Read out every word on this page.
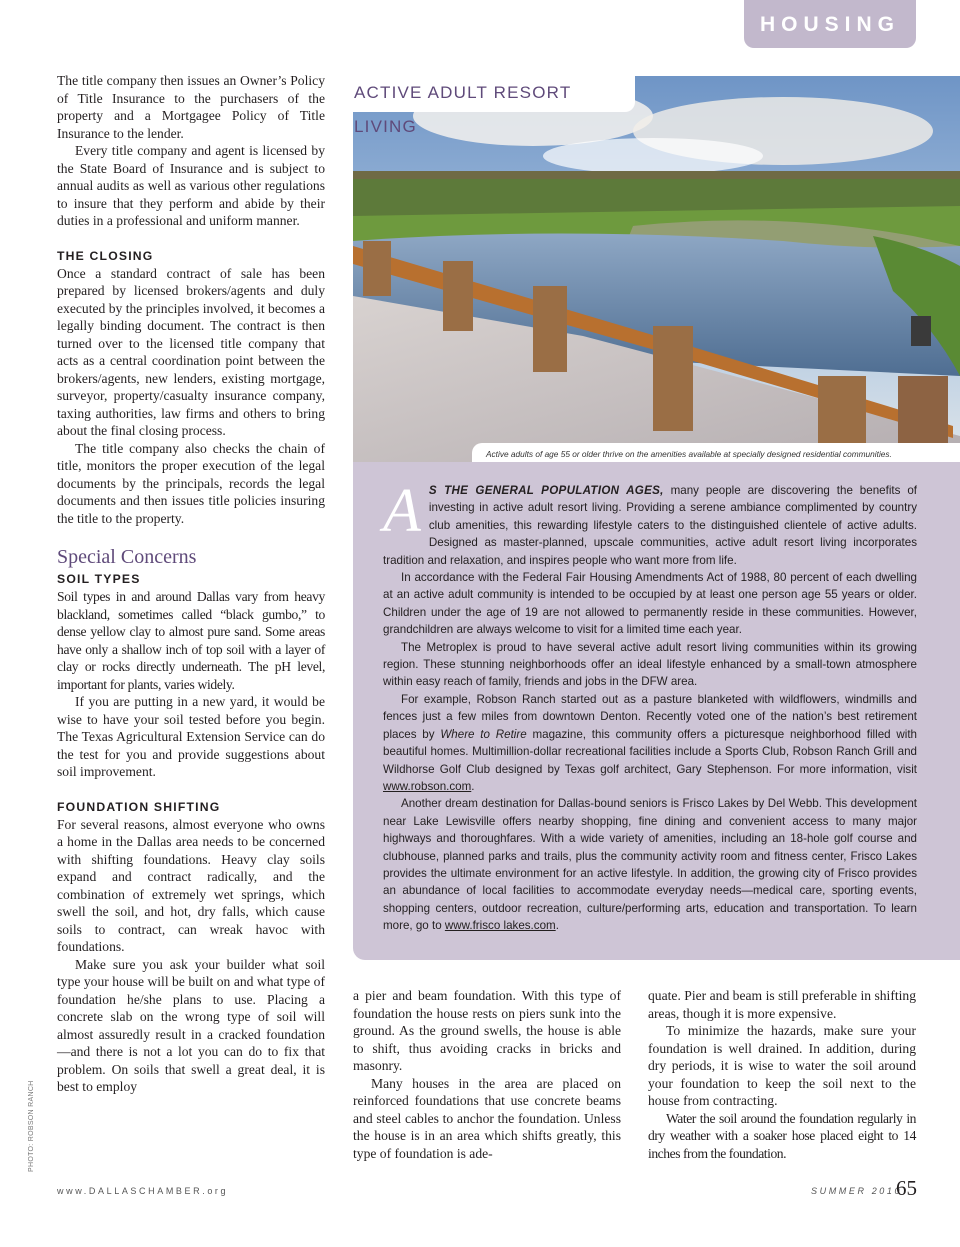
HOUSING

The title company then issues an Owner’s Policy of Title Insurance to the purchasers of the property and a Mortgagee Policy of Title Insurance to the lender.

Every title company and agent is licensed by the State Board of Insurance and is subject to annual audits as well as various other regulations to insure that they perform and abide by their duties in a professional and uniform manner.

THE CLOSING

Once a standard contract of sale has been prepared by licensed brokers/agents and duly executed by the principles involved, it becomes a legally binding document. The contract is then turned over to the licensed title company that acts as a central coordination point between the brokers/agents, new lenders, existing mortgage, surveyor, property/casualty insurance company, taxing authorities, law firms and others to bring about the final closing process.

The title company also checks the chain of title, monitors the proper execution of the legal documents by the principals, records the legal documents and then issues title policies insuring the title to the property.

Special Concerns
SOIL TYPES

Soil types in and around Dallas vary from heavy blackland, sometimes called “black gumbo,” to dense yellow clay to almost pure sand. Some areas have only a shallow inch of top soil with a layer of clay or rocks directly underneath. The pH level, important for plants, varies widely.

If you are putting in a new yard, it would be wise to have your soil tested before you begin. The Texas Agricultural Extension Service can do the test for you and provide suggestions about soil improvement.

FOUNDATION SHIFTING

For several reasons, almost everyone who owns a home in the Dallas area needs to be concerned with shifting foundations. Heavy clay soils expand and contract radically, and the combination of extremely wet springs, which swell the soil, and hot, dry falls, which cause soils to contract, can wreak havoc with foundations.

Make sure you ask your builder what soil type your house will be built on and what type of foundation he/she plans to use. Placing a concrete slab on the wrong type of soil will almost assuredly result in a cracked foundation—and there is not a lot you can do to fix that problem. On soils that swell a great deal, it is best to employ

ACTIVE ADULT RESORT LIVING
Active adults of age 55 or older thrive on the amenities available at specially designed residential communities.

A S THE GENERAL POPULATION AGES, many people are discovering the benefits of investing in active adult resort living. Providing a serene ambiance complimented by country club amenities, this rewarding lifestyle caters to the distinguished clientele of active adults. Designed as master-planned, upscale communities, active adult resort living incorporates tradition and relaxation, and inspires people who want more from life.

In accordance with the Federal Fair Housing Amendments Act of 1988, 80 percent of each dwelling at an active adult community is intended to be occupied by at least one person age 55 years or older. Children under the age of 19 are not allowed to permanently reside in these communities. However, grandchildren are always welcome to visit for a limited time each year.

The Metroplex is proud to have several active adult resort living communities within its growing region. These stunning neighborhoods offer an ideal lifestyle enhanced by a small-town atmosphere within easy reach of family, friends and jobs in the DFW area.

For example, Robson Ranch started out as a pasture blanketed with wildflowers, windmills and fences just a few miles from downtown Denton. Recently voted one of the nation’s best retirement places by Where to Retire magazine, this community offers a picturesque neighborhood filled with beautiful homes. Multimillion-dollar recreational facilities include a Sports Club, Robson Ranch Grill and Wildhorse Golf Club designed by Texas golf architect, Gary Stephenson. For more information, visit www.robson.com.

Another dream destination for Dallas-bound seniors is Frisco Lakes by Del Webb. This development near Lake Lewisville offers nearby shopping, fine dining and convenient access to many major highways and thoroughfares. With a wide variety of amenities, including an 18-hole golf course and clubhouse, planned parks and trails, plus the community activity room and fitness center, Frisco Lakes provides the ultimate environment for an active lifestyle. In addition, the growing city of Frisco provides an abundance of local facilities to accommodate everyday needs—medical care, sporting events, shopping centers, outdoor recreation, culture/performing arts, education and transportation. To learn more, go to www.frisco lakes.com.

a pier and beam foundation. With this type of foundation the house rests on piers sunk into the ground. As the ground swells, the house is able to shift, thus avoiding cracks in bricks and masonry.

Many houses in the area are placed on reinforced foundations that use concrete beams and steel cables to anchor the foundation. Unless the house is in an area which shifts greatly, this type of foundation is ade-

quate. Pier and beam is still preferable in shifting areas, though it is more expensive.

To minimize the hazards, make sure your foundation is well drained. In addition, during dry periods, it is wise to water the soil around your foundation to keep the soil next to the house from contracting.

Water the soil around the foundation regularly in dry weather with a soaker hose placed eight to 14 inches from the foundation.

PHOTO: ROBSON RANCH
www.DALLASCHAMBER.org	SUMMER 2010
65
